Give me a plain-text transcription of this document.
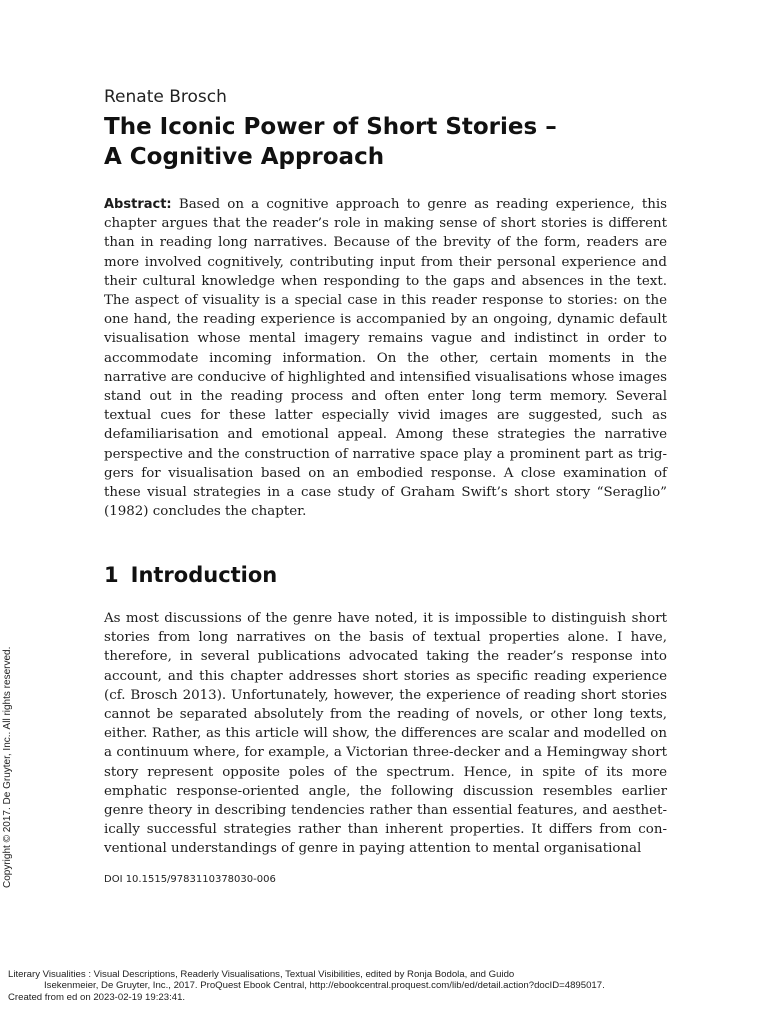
Renate Brosch
The Iconic Power of Short Stories –
A Cognitive Approach
Abstract: Based on a cognitive approach to genre as reading experience, this chapter argues that the reader’s role in making sense of short stories is different than in reading long narratives. Because of the brevity of the form, readers are more involved cognitively, contributing input from their personal experience and their cultural knowledge when responding to the gaps and absences in the text. The aspect of visuality is a special case in this reader response to stories: on the one hand, the reading experience is accompanied by an ongoing, dynamic default visualisation whose mental imagery remains vague and indistinct in order to accommodate incoming information. On the other, certain moments in the narrative are conducive of highlighted and intensified visualisations whose images stand out in the reading process and often enter long term memory. Several textual cues for these latter especially vivid images are suggested, such as defamiliarisation and emotional appeal. Among these strategies the narrative perspective and the construction of narrative space play a prominent part as triggers for visualisation based on an embodied response. A close examination of these visual strategies in a case study of Graham Swift’s short story “Seraglio” (1982) concludes the chapter.
1 Introduction
As most discussions of the genre have noted, it is impossible to distinguish short stories from long narratives on the basis of textual properties alone. I have, therefore, in several publications advocated taking the reader’s response into account, and this chapter addresses short stories as specific reading experience (cf. Brosch 2013). Unfortunately, however, the experience of reading short stories cannot be separated absolutely from the reading of novels, or other long texts, either. Rather, as this article will show, the differences are scalar and modelled on a continuum where, for example, a Victorian three-decker and a Hemingway short story represent opposite poles of the spectrum. Hence, in spite of its more emphatic response-oriented angle, the following discussion resembles earlier genre theory in describing tendencies rather than essential features, and aesthetically successful strategies rather than inherent properties. It differs from conventional understandings of genre in paying attention to mental organisational
DOI 10.1515/9783110378030-006
Copyright © 2017. De Gruyter, Inc.. All rights reserved.
Literary Visualities : Visual Descriptions, Readerly Visualisations, Textual Visibilities, edited by Ronja Bodola, and Guido
Isekenmeier, De Gruyter, Inc., 2017. ProQuest Ebook Central, http://ebookcentral.proquest.com/lib/ed/detail.action?docID=4895017.
Created from ed on 2023-02-19 19:23:41.
